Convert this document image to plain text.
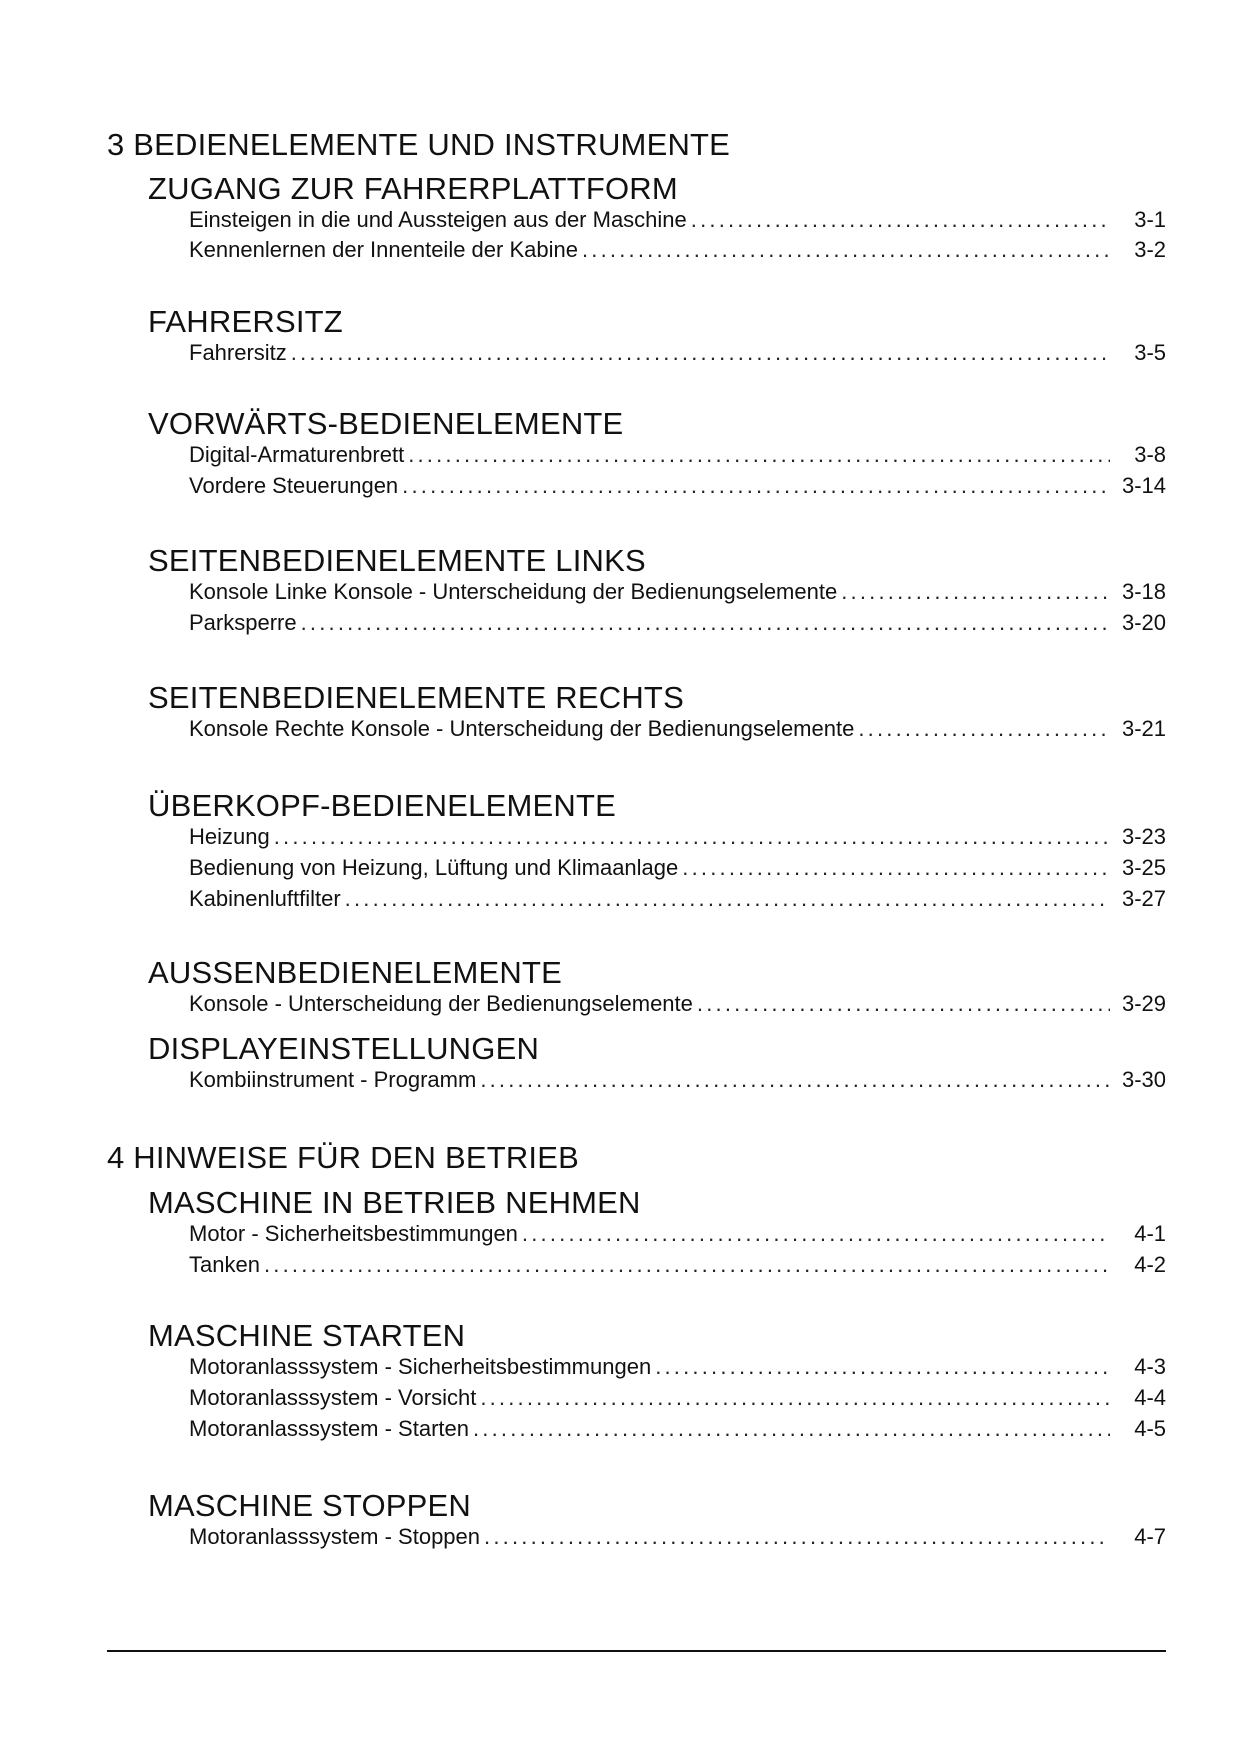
3 BEDIENELEMENTE UND INSTRUMENTE
ZUGANG ZUR FAHRERPLATTFORM
Einsteigen in die und Aussteigen aus der Maschine .....	3-1
Kennenlernen der Innenteile der Kabine .....	3-2
FAHRERSITZ
Fahrersitz .....	3-5
VORWÄRTS-BEDIENELEMENTE
Digital-Armaturenbrett .....	3-8
Vordere Steuerungen .....	3-14
SEITENBEDIENELEMENTE LINKS
Konsole Linke Konsole - Unterscheidung der Bedienungselemente .....	3-18
Parksperre .....	3-20
SEITENBEDIENELEMENTE RECHTS
Konsole Rechte Konsole - Unterscheidung der Bedienungselemente .....	3-21
ÜBERKOPF-BEDIENELEMENTE
Heizung .....	3-23
Bedienung von Heizung, Lüftung und Klimaanlage .....	3-25
Kabinenluftfilter .....	3-27
AUSSENBEDIENELEMENTE
Konsole - Unterscheidung der Bedienungselemente .....	3-29
DISPLAYEINSTELLUNGEN
Kombiinstrument - Programm .....	3-30
4 HINWEISE FÜR DEN BETRIEB
MASCHINE IN BETRIEB NEHMEN
Motor - Sicherheitsbestimmungen .....	4-1
Tanken .....	4-2
MASCHINE STARTEN
Motoranlasssystem - Sicherheitsbestimmungen .....	4-3
Motoranlasssystem - Vorsicht .....	4-4
Motoranlasssystem - Starten .....	4-5
MASCHINE STOPPEN
Motoranlasssystem - Stoppen .....	4-7
